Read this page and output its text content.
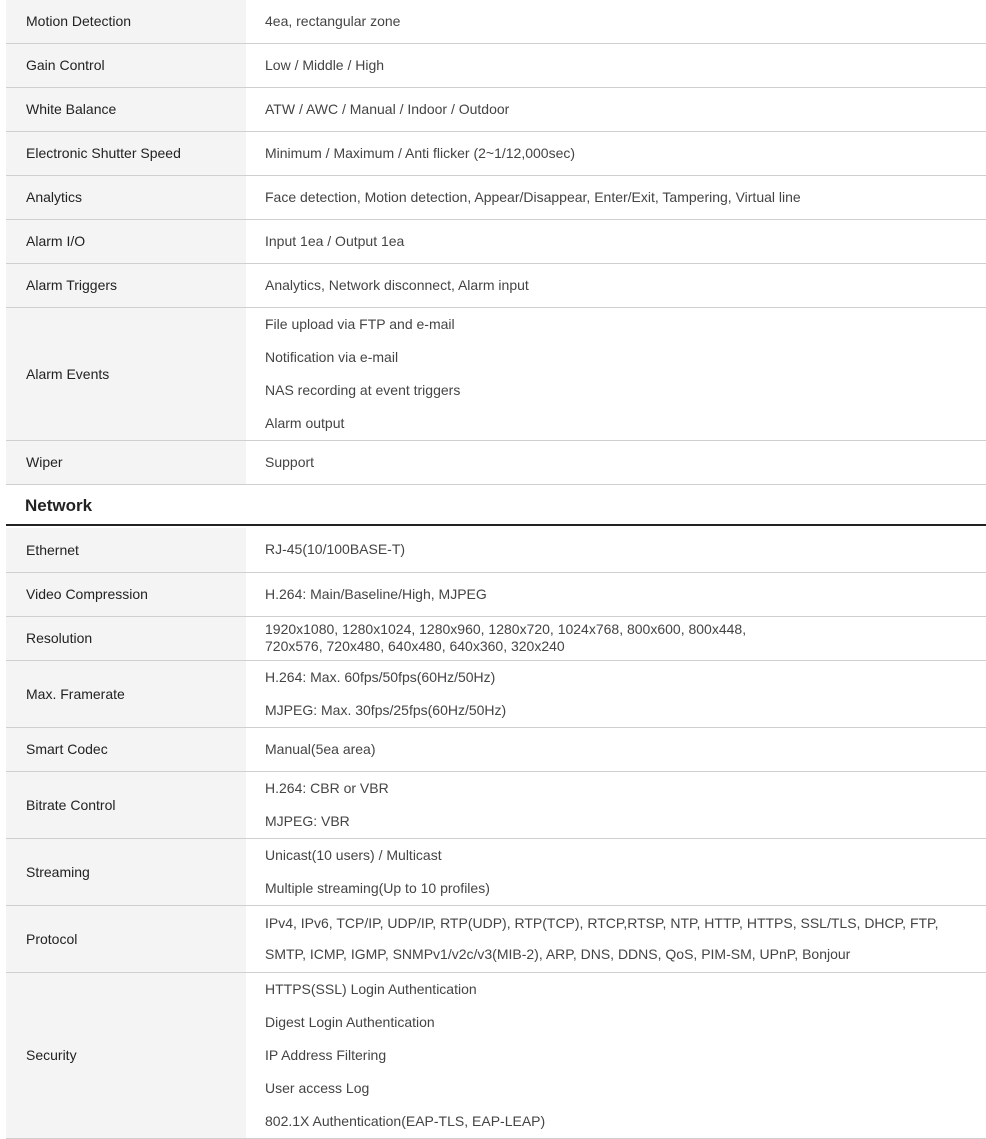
Motion Detection	4ea, rectangular zone

Gain Control	Low / Middle / High

White Balance	ATW / AWC / Manual / Indoor / Outdoor

Electronic Shutter Speed	Minimum / Maximum / Anti flicker (2~1/12,000sec)

Analytics	Face detection, Motion detection, Appear/Disappear, Enter/Exit, Tampering, Virtual line

Alarm I/O	Input 1ea / Output 1ea

Alarm Triggers	Analytics, Network disconnect, Alarm input

Alarm Events	File upload via FTP and e-mail
Notification via e-mail
NAS recording at event triggers
Alarm output

Wiper	Support
Network
Ethernet	RJ-45(10/100BASE-T)

Video Compression	H.264: Main/Baseline/High, MJPEG

Resolution	1920x1080, 1280x1024, 1280x960, 1280x720, 1024x768, 800x600, 800x448,
720x576, 720x480, 640x480, 640x360, 320x240

Max. Framerate	H.264: Max. 60fps/50fps(60Hz/50Hz)
MJPEG: Max. 30fps/25fps(60Hz/50Hz)

Smart Codec	Manual(5ea area)

Bitrate Control	H.264: CBR or VBR
MJPEG: VBR

Streaming	Unicast(10 users) / Multicast
Multiple streaming(Up to 10 profiles)

Protocol	IPv4, IPv6, TCP/IP, UDP/IP, RTP(UDP), RTP(TCP), RTCP,RTSP, NTP, HTTP, HTTPS, SSL/TLS, DHCP, FTP,
SMTP, ICMP, IGMP, SNMPv1/v2c/v3(MIB-2), ARP, DNS, DDNS, QoS, PIM-SM, UPnP, Bonjour

Security	HTTPS(SSL) Login Authentication
Digest Login Authentication
IP Address Filtering
User access Log
802.1X Authentication(EAP-TLS, EAP-LEAP)
